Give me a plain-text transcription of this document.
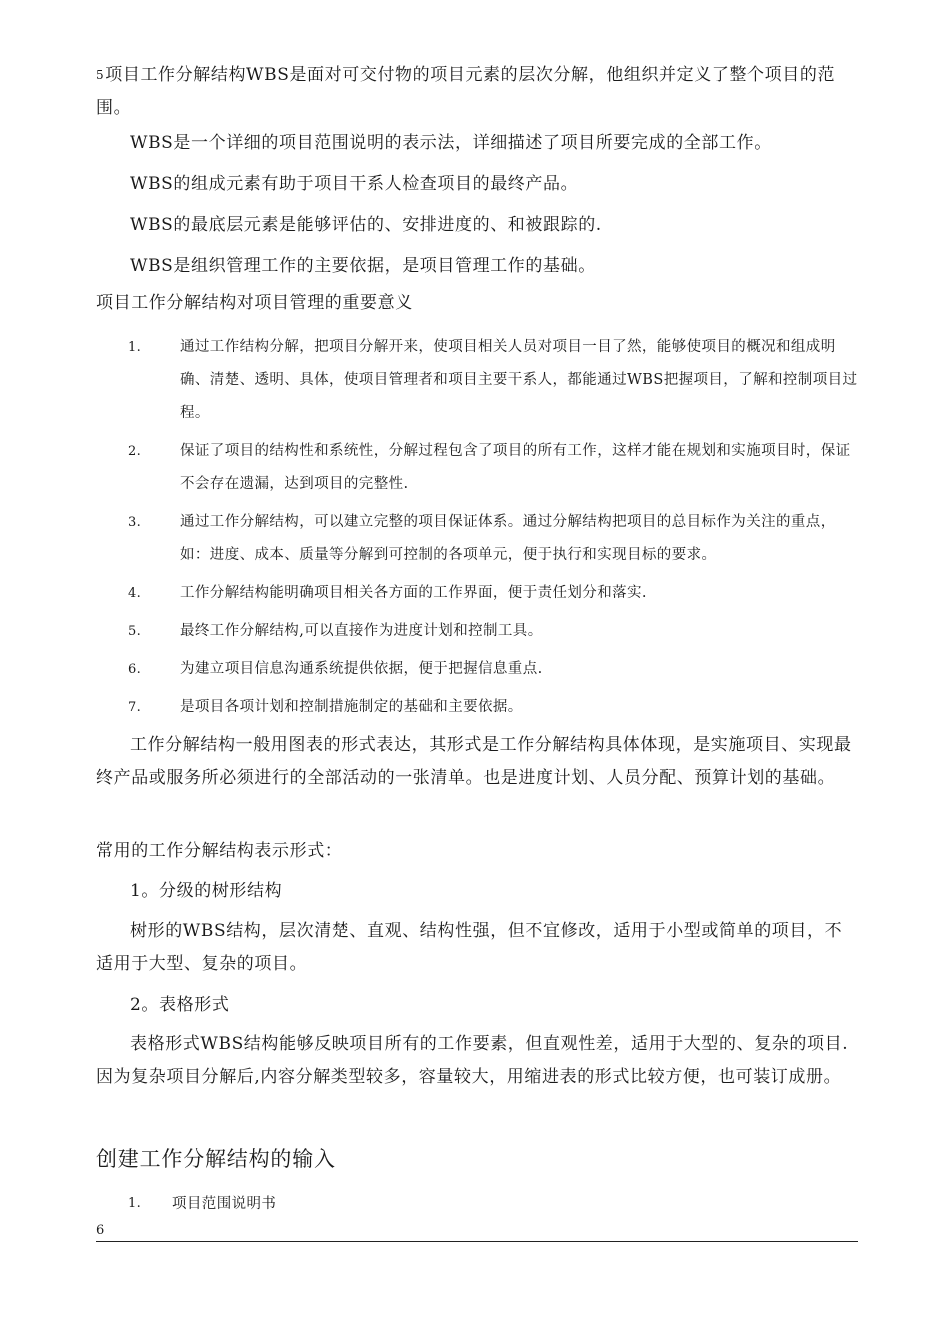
5项目工作分解结构WBS是面对可交付物的项目元素的层次分解，他组织并定义了整个项目的范围。

WBS是一个详细的项目范围说明的表示法，详细描述了项目所要完成的全部工作。

WBS的组成元素有助于项目干系人检查项目的最终产品。

WBS的最底层元素是能够评估的、安排进度的、和被跟踪的.

WBS是组织管理工作的主要依据，是项目管理工作的基础。

项目工作分解结构对项目管理的重要意义

1.	通过工作结构分解，把项目分解开来，使项目相关人员对项目一目了然，能够使项目的概况和组成明确、清楚、透明、具体，使项目管理者和项目主要干系人，都能通过WBS把握项目，了解和控制项目过程。

2.	保证了项目的结构性和系统性，分解过程包含了项目的所有工作，这样才能在规划和实施项目时，保证不会存在遗漏，达到项目的完整性.

3.	通过工作分解结构，可以建立完整的项目保证体系。通过分解结构把项目的总目标作为关注的重点，如：进度、成本、质量等分解到可控制的各项单元，便于执行和实现目标的要求。

4.	工作分解结构能明确项目相关各方面的工作界面，便于责任划分和落实.

5.	最终工作分解结构,可以直接作为进度计划和控制工具。

6.	为建立项目信息沟通系统提供依据，便于把握信息重点.

7.	是项目各项计划和控制措施制定的基础和主要依据。

工作分解结构一般用图表的形式表达，其形式是工作分解结构具体体现，是实施项目、实现最终产品或服务所必须进行的全部活动的一张清单。也是进度计划、人员分配、预算计划的基础。

常用的工作分解结构表示形式：

1。分级的树形结构

树形的WBS结构，层次清楚、直观、结构性强，但不宜修改，适用于小型或简单的项目，不适用于大型、复杂的项目。

2。表格形式

表格形式WBS结构能够反映项目所有的工作要素，但直观性差，适用于大型的、复杂的项目.因为复杂项目分解后,内容分解类型较多，容量较大，用缩进表的形式比较方便，也可装订成册。

创建工作分解结构的输入

1. 项目范围说明书

6
